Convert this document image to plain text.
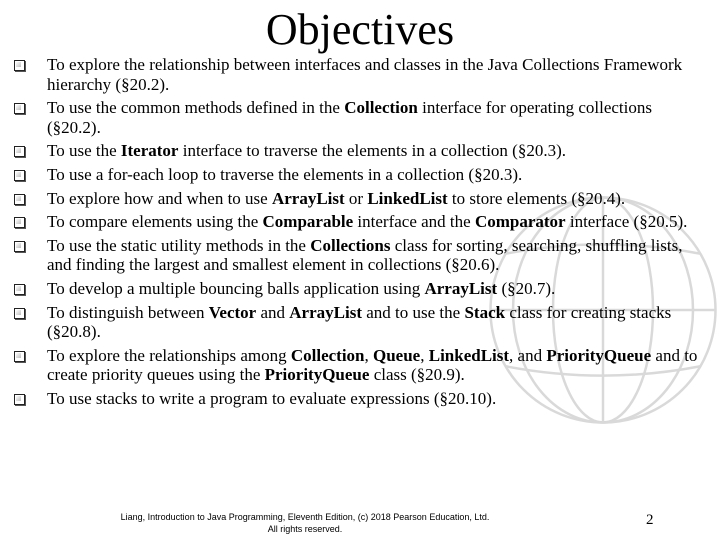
Objectives
To explore the relationship between interfaces and classes in the Java Collections Framework hierarchy (§20.2).
To use the common methods defined in the Collection interface for operating collections (§20.2).
To use the Iterator interface to traverse the elements in a collection (§20.3).
To use a for-each loop to traverse the elements in a collection (§20.3).
To explore how and when to use ArrayList or LinkedList to store elements (§20.4).
To compare elements using the Comparable interface and the Comparator interface (§20.5).
To use the static utility methods in the Collections class for sorting, searching, shuffling lists, and finding the largest and smallest element in collections (§20.6).
To develop a multiple bouncing balls application using ArrayList (§20.7).
To distinguish between Vector and ArrayList and to use the Stack class for creating stacks (§20.8).
To explore the relationships among Collection, Queue, LinkedList, and PriorityQueue and to create priority queues using the PriorityQueue class (§20.9).
To use stacks to write a program to evaluate expressions (§20.10).
Liang, Introduction to Java Programming, Eleventh Edition, (c) 2018 Pearson Education, Ltd.
All rights reserved.
2
